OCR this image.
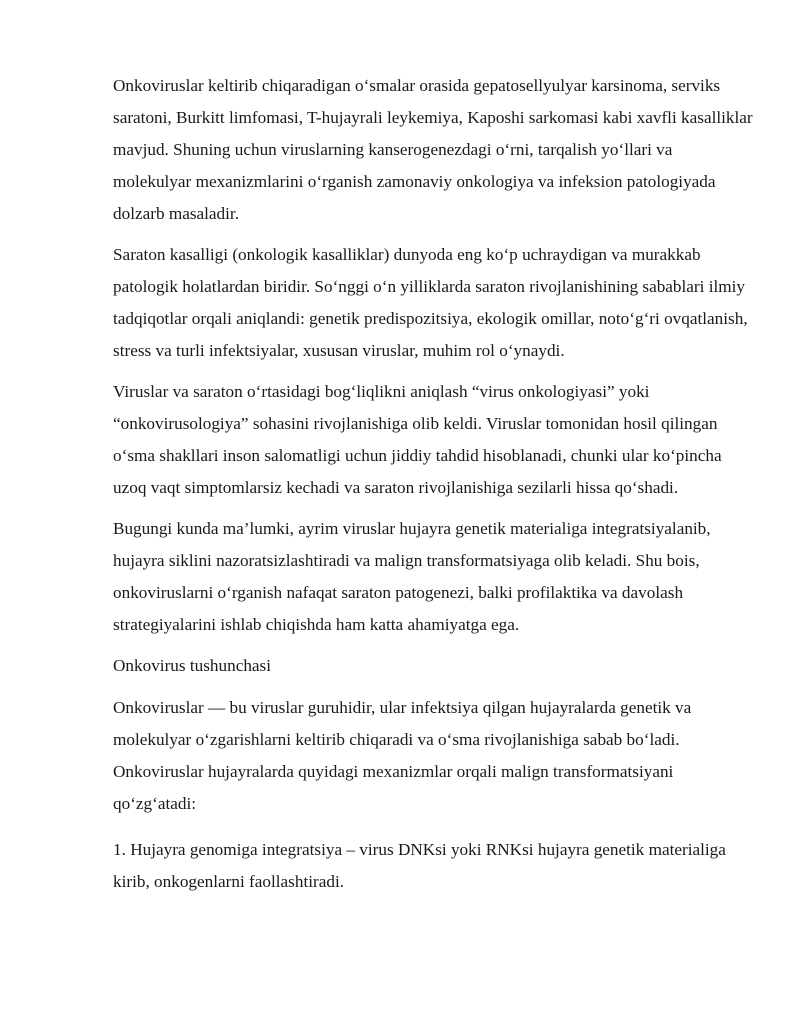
Onkoviruslar keltirib chiqaradigan o‘smalar orasida gepatosellyulyar karsinoma, serviks saratoni, Burkitt limfomasi, T-hujayrali leykemiya, Kaposhi sarkomasi kabi xavfli kasalliklar mavjud. Shuning uchun viruslarning kanserogenezdagi o‘rni, tarqalish yo‘llari va molekulyar mexanizmlarini o‘rganish zamonaviy onkologiya va infeksion patologiyada dolzarb masaladir.

Saraton kasalligi (onkologik kasalliklar) dunyoda eng ko‘p uchraydigan va murakkab patologik holatlardan biridir. So‘nggi o‘n yilliklarda saraton rivojlanishining sabablari ilmiy tadqiqotlar orqali aniqlandi: genetik predispozitsiya, ekologik omillar, noto‘g‘ri ovqatlanish, stress va turli infektsiyalar, xususan viruslar, muhim rol o‘ynaydi.

Viruslar va saraton o‘rtasidagi bog‘liqlikni aniqlash “virus onkologiyasi” yoki “onkovirusologiya” sohasini rivojlanishiga olib keldi. Viruslar tomonidan hosil qilingan o‘sma shakllari inson salomatligi uchun jiddiy tahdid hisoblanadi, chunki ular ko‘pincha uzoq vaqt simptomlarsiz kechadi va saraton rivojlanishiga sezilarli hissa qo‘shadi.

Bugungi kunda ma’lumki, ayrim viruslar hujayra genetik materialiga integratsiyalanib, hujayra siklini nazoratsizlashtiradi va malign transformatsiyaga olib keladi. Shu bois, onkoviruslarni o‘rganish nafaqat saraton patogenezi, balki profilaktika va davolash strategiyalarini ishlab chiqishda ham katta ahamiyatga ega.

Onkovirus tushunchasi

Onkoviruslar — bu viruslar guruhidir, ular infektsiya qilgan hujayralarda genetik va molekulyar o‘zgarishlarni keltirib chiqaradi va o‘sma rivojlanishiga sabab bo‘ladi. Onkoviruslar hujayralarda quyidagi mexanizmlar orqali malign transformatsiyani qo‘zg‘atadi:

1. Hujayra genomiga integratsiya – virus DNKsi yoki RNKsi hujayra genetik materialiga kirib, onkogenlarni faollashtiradi.
